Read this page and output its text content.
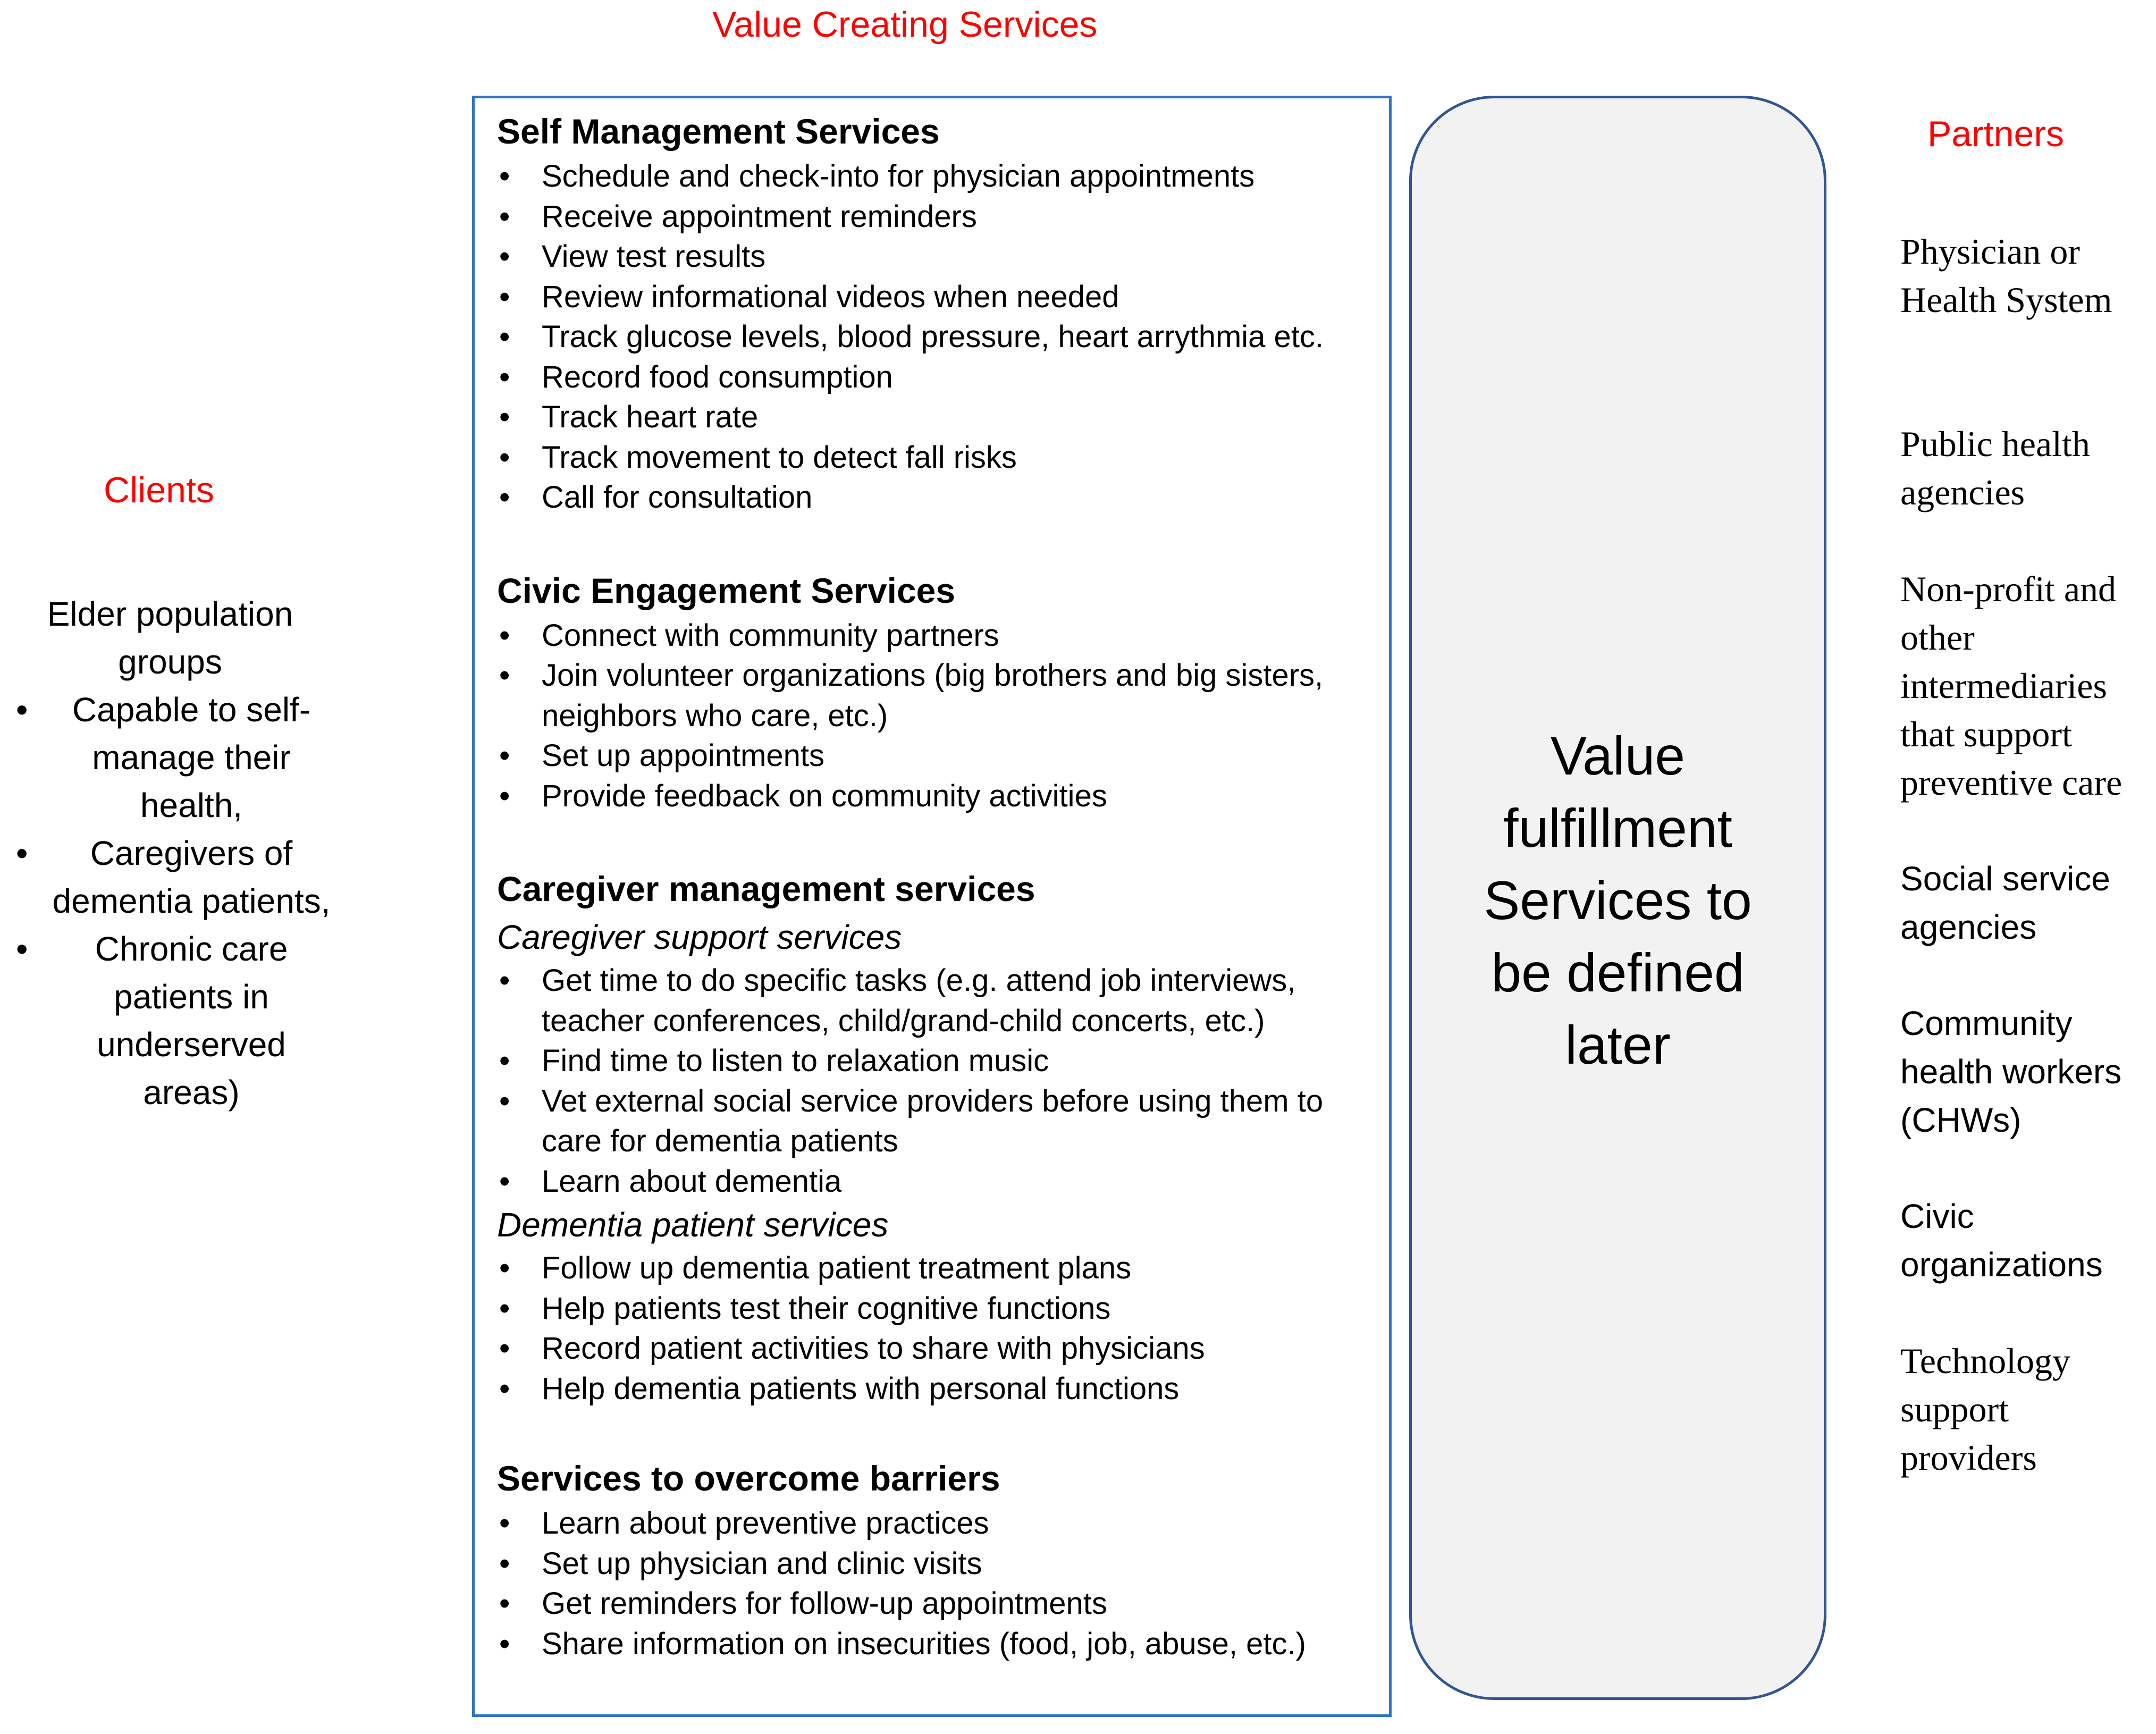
Value Creating Services
Clients
Partners
Elder population groups
• Capable to self-manage their health,
• Caregivers of dementia patients,
• Chronic care patients in underserved areas)
Self Management Services
• Schedule and check-into for physician appointments
• Receive appointment reminders
• View test results
• Review informational videos when needed
• Track glucose levels, blood pressure, heart arrythmia etc.
• Record food consumption
• Track heart rate
• Track movement to detect fall risks
• Call for consultation
Civic Engagement Services
• Connect with community partners
• Join volunteer organizations (big brothers and big sisters, neighbors who care, etc.)
• Set up appointments
• Provide feedback on community activities
Caregiver management services
Caregiver support services
• Get time to do specific tasks (e.g. attend job interviews, teacher conferences, child/grand-child concerts, etc.)
• Find time to listen to relaxation music
• Vet external social service providers before using them to care for dementia patients
• Learn about dementia
Dementia patient services
• Follow up dementia patient treatment plans
• Help patients test their cognitive functions
• Record patient activities to share with physicians
• Help dementia patients with personal functions
Services to overcome barriers
• Learn about preventive practices
• Set up physician and clinic visits
• Get reminders for follow-up appointments
• Share information on insecurities (food, job, abuse, etc.)
Value
fulfillment
Services to
be defined
later
Physician or
Health System
Public health
agencies
Non-profit and
other
intermediaries
that support
preventive care
Social service
agencies
Community
health workers
(CHWs)
Civic
organizations
Technology
support
providers
